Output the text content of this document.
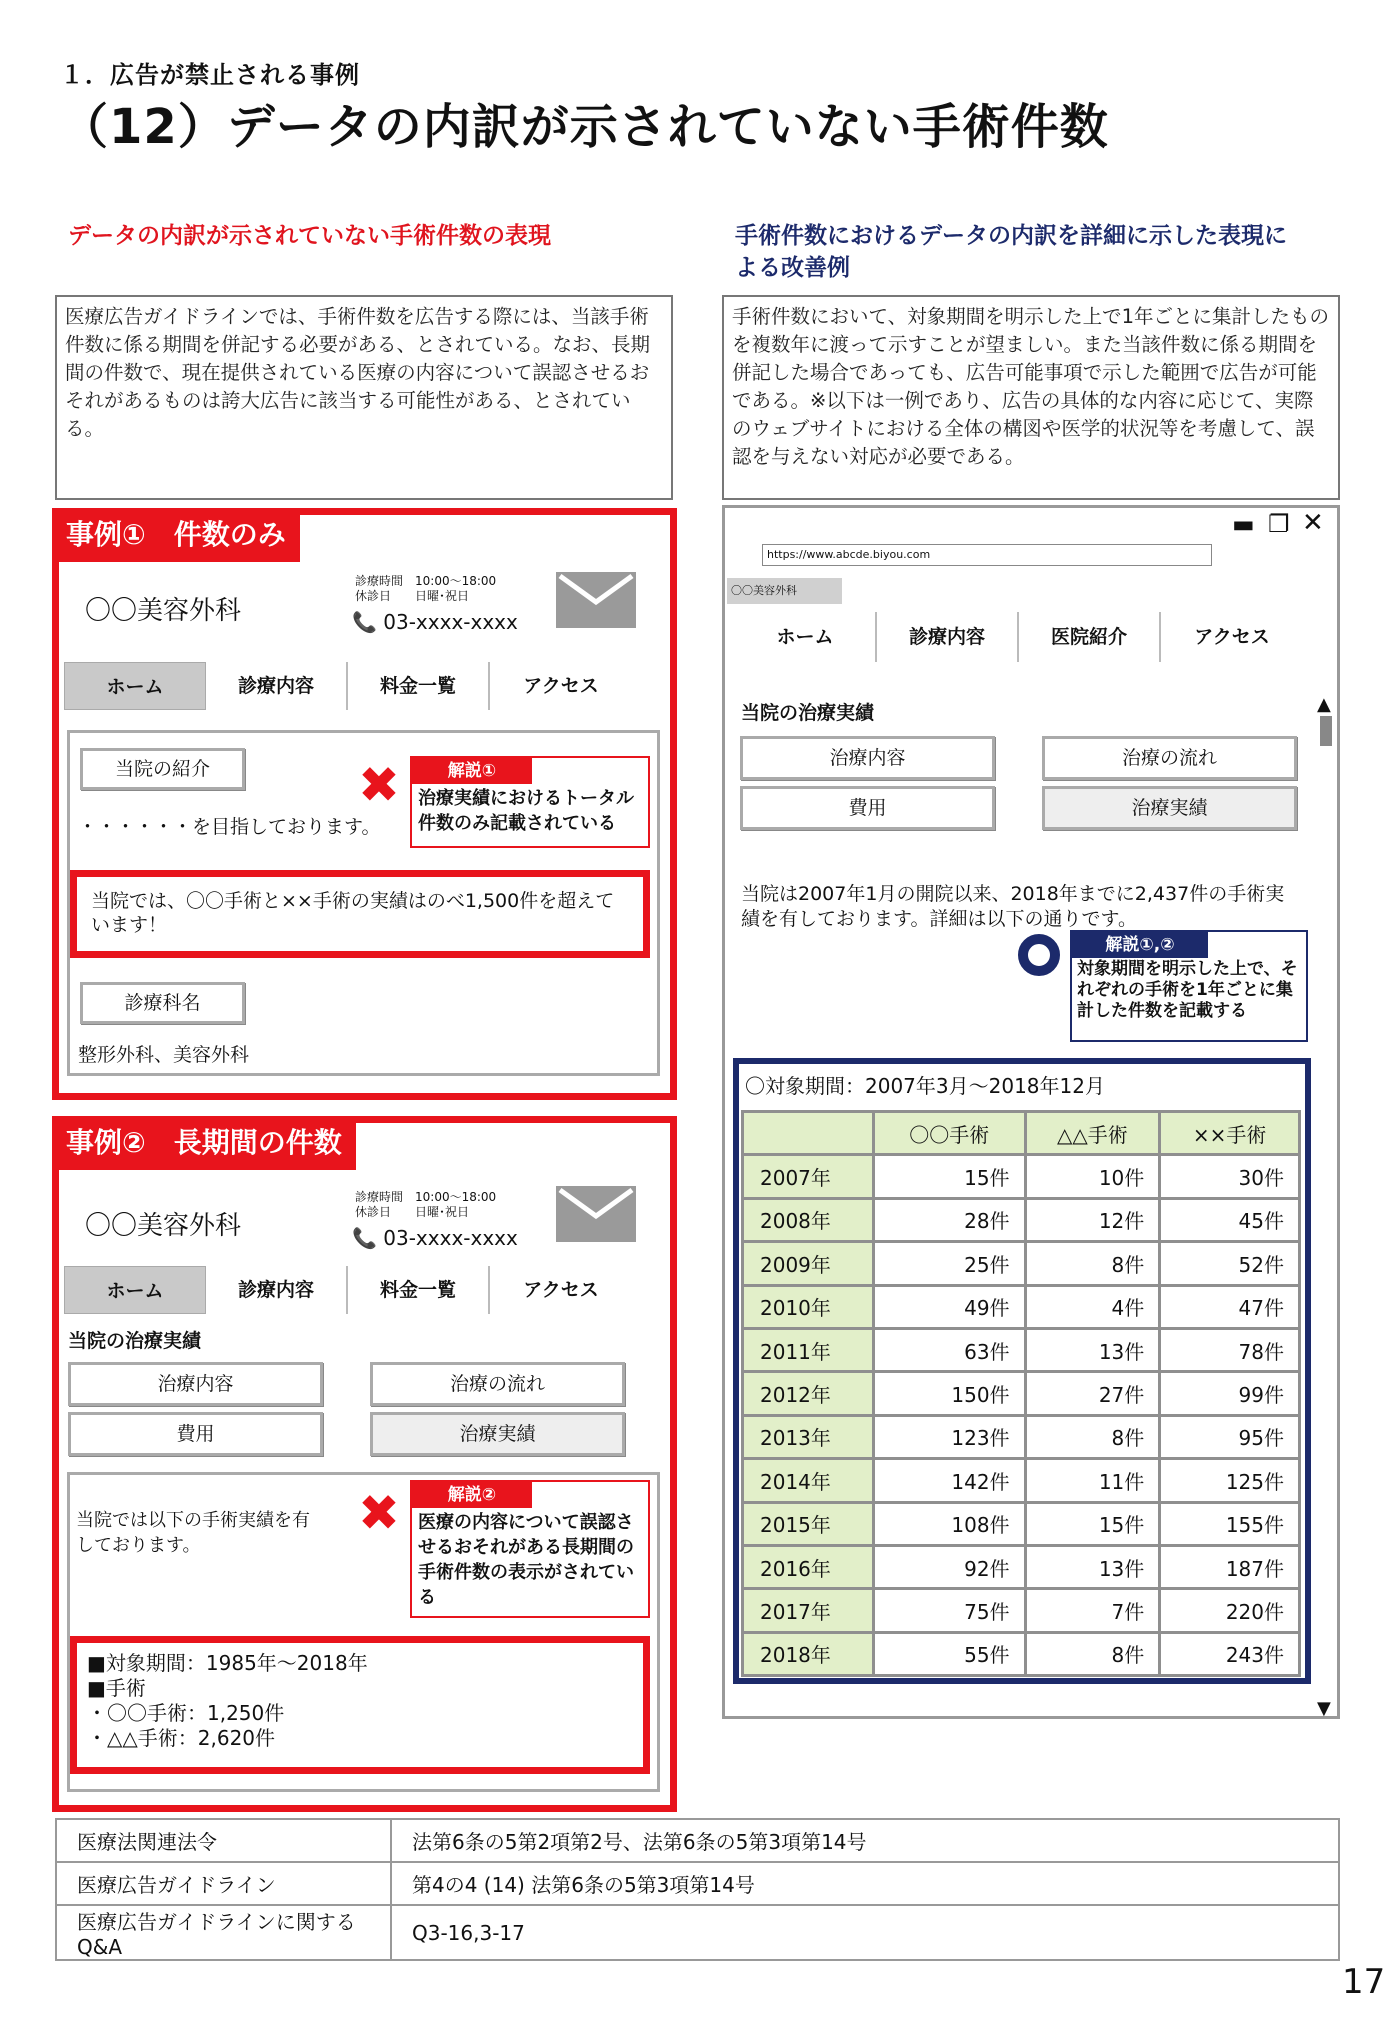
１．広告が禁止される事例
（12）データの内訳が示されていない手術件数
データの内訳が示されていない手術件数の表現	手術件数におけるデータの内訳を詳細に示した表現による改善例
医療広告ガイドラインでは、手術件数を広告する際には、当該手術件数に係る期間を併記する必要がある、とされている。なお、長期間の件数で、現在提供されている医療の内容について誤認させるおそれがあるものは誇大広告に該当する可能性がある、とされている。
手術件数において、対象期間を明示した上で1年ごとに集計したものを複数年に渡って示すことが望ましい。また当該件数に係る期間を併記した場合であっても、広告可能事項で示した範囲で広告が可能である。※以下は一例であり、広告の具体的な内容に応じて、実際のウェブサイトにおける全体の構図や医学的状況等を考慮して、誤認を与えない対応が必要である。
事例①　件数のみ
〇〇美容外科
診療時間　 10:00～18:00
休診日　　 日曜･祝日
📞 03-xxxx-xxxx
ホーム	診療内容	料金一覧	アクセス
当院の紹介
・・・・・・を目指しております。
✖	解説①
治療実績におけるトータル件数のみ記載されている
当院では、〇〇手術と××手術の実績はのべ1,500件を超えています！
診療科名
整形外科、美容外科
事例②　長期間の件数
〇〇美容外科
診療時間　 10:00～18:00
休診日　　 日曜･祝日
📞 03-xxxx-xxxx
ホーム	診療内容	料金一覧	アクセス
当院の治療実績
治療内容	治療の流れ
費用	治療実績
当院では以下の手術実績を有しております。
✖	解説②
医療の内容について誤認させるおそれがある長期間の手術件数の表示がされている
■対象期間：1985年～2018年
■手術
・〇〇手術：1,250件
・△△手術：2,620件
▬ ❐ ✕
https://www.abcde.biyou.com
〇〇美容外科
ホーム	診療内容	医院紹介	アクセス
当院の治療実績	▲
▼
治療内容	治療の流れ
費用	治療実績
当院は2007年1月の開院以来、2018年までに2,437件の手術実績を有しております。詳細は以下の通りです。
解説①,②
対象期間を明示した上で、それぞれの手術を1年ごとに集計した件数を記載する
〇対象期間：2007年3月～2018年12月
	〇〇手術	△△手術	××手術
2007年	15件	10件	30件
2008年	28件	12件	45件
2009年	25件	8件	52件
2010年	49件	4件	47件
2011年	63件	13件	78件
2012年	150件	27件	99件
2013年	123件	8件	95件
2014年	142件	11件	125件
2015年	108件	15件	155件
2016年	92件	13件	187件
2017年	75件	7件	220件
2018年	55件	8件	243件
医療法関連法令	法第6条の5第2項第2号、法第6条の5第3項第14号
医療広告ガイドライン	第4の4 (14) 法第6条の5第3項第14号
医療広告ガイドラインに関するQ&A	Q3-16,3-17
17
